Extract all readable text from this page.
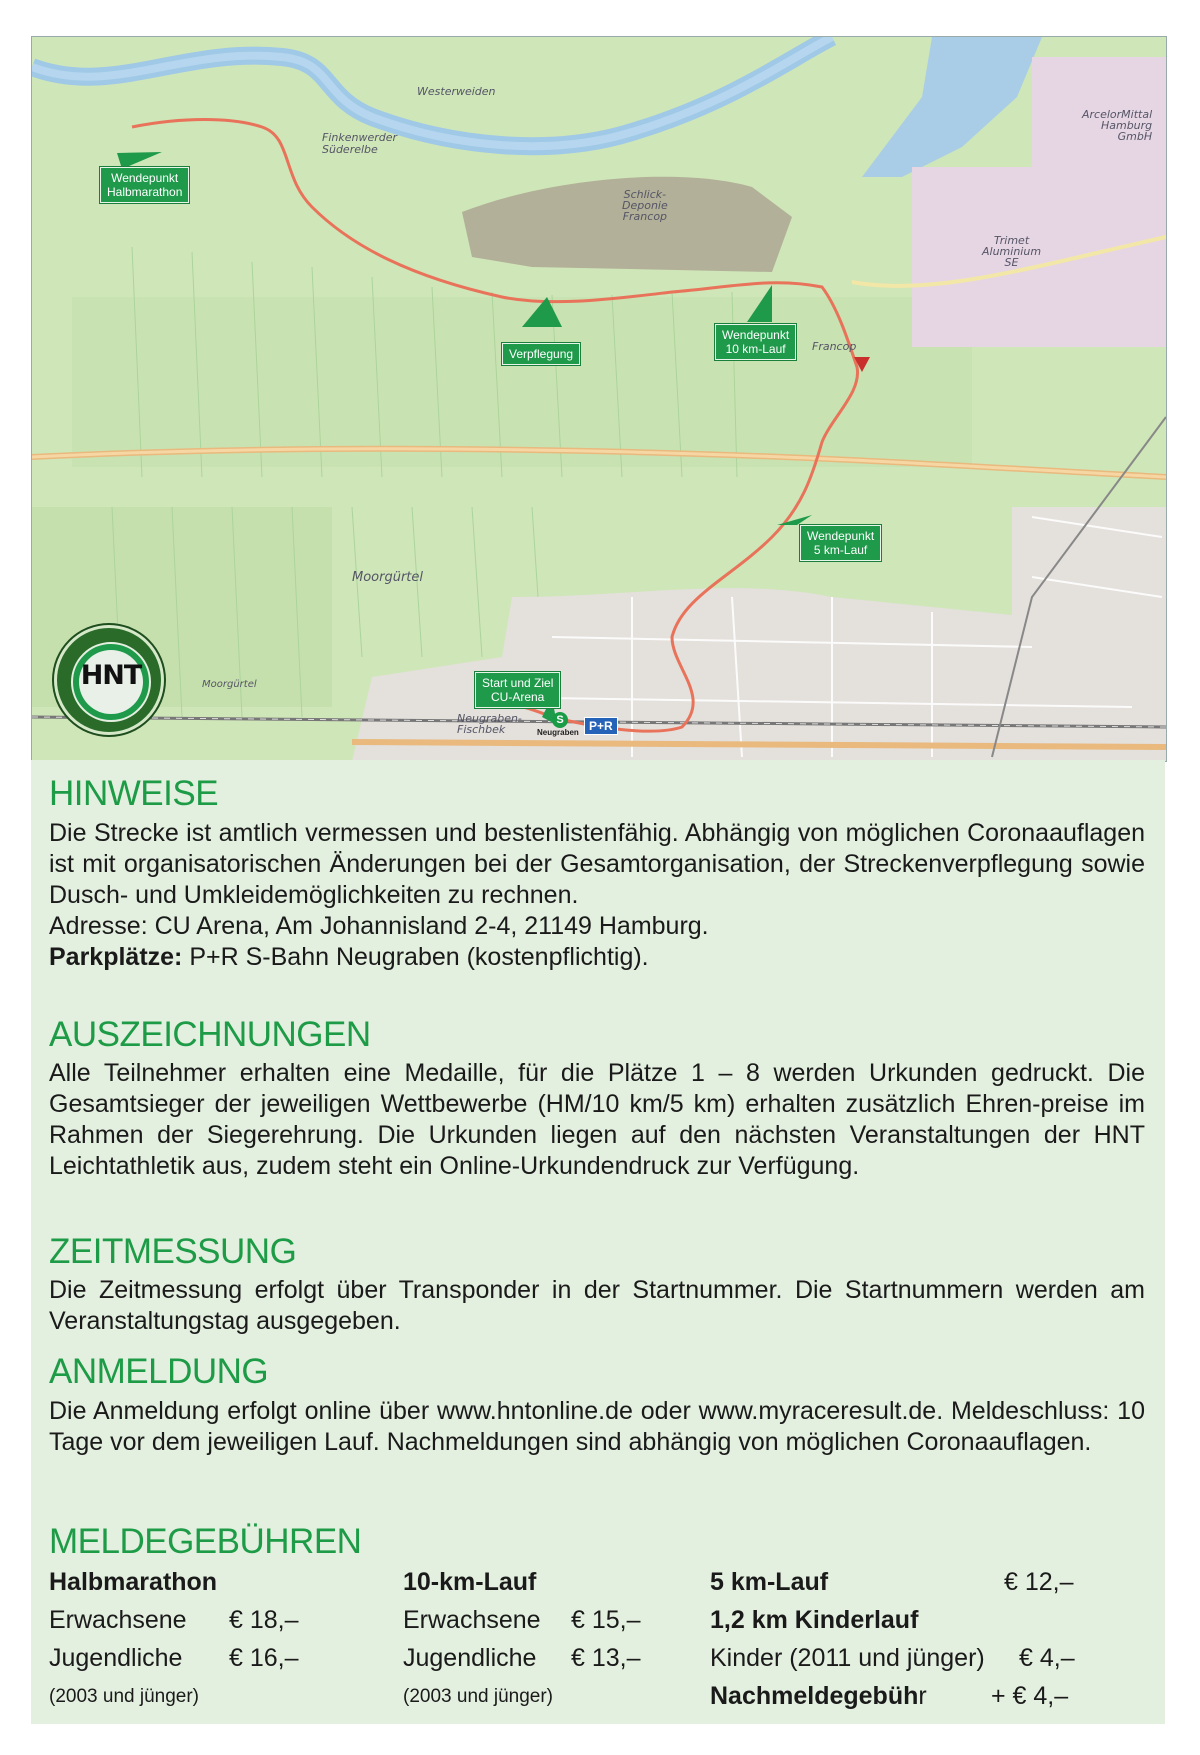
Westerweiden
Finkenwerder
Süderelbe
Schlick-
Deponie
Francop
Francop
Moorgürtel
Moorgürtel
Neugraben-
Fischbek
ArcelorMittal
Hamburg
GmbH
Trimet
Aluminium
SE
Wendepunkt
Halbmarathon
Verpflegung
Wendepunkt
10 km-Lauf
Wendepunkt
5 km-Lauf
Start und Ziel
CU-Arena
S
Neugraben P+R
HNT
HINWEISE

Die Strecke ist amtlich vermessen und bestenlistenfähig. Abhängig von möglichen Coronaauflagen ist mit organisatorischen Änderungen bei der Gesamtorganisation, der Streckenverpflegung sowie Dusch- und Umkleidemöglichkeiten zu rechnen.

Adresse: CU Arena, Am Johannisland 2-4, 21149 Hamburg.

Parkplätze: P+R S-Bahn Neugraben (kostenpflichtig).

AUSZEICHNUNGEN

Alle Teilnehmer erhalten eine Medaille, für die Plätze 1 – 8 werden Urkunden gedruckt. Die Gesamtsieger der jeweiligen Wettbewerbe (HM/10 km/5 km) erhalten zusätzlich Ehren-preise im Rahmen der Siegerehrung. Die Urkunden liegen auf den nächsten Veranstaltungen der HNT Leichtathletik aus, zudem steht ein Online-Urkundendruck zur Verfügung.

ZEITMESSUNG

Die Zeitmessung erfolgt über Transponder in der Startnummer. Die Startnummern werden am Veranstaltungstag ausgegeben.

ANMELDUNG

Die Anmeldung erfolgt online über www.hntonline.de oder www.myraceresult.de. Meldeschluss: 10 Tage vor dem jeweiligen Lauf. Nachmeldungen sind abhängig von möglichen Coronaauflagen.

MELDEGEBÜHREN
Halbmarathon
Erwachsene € 18,–
Jugendliche € 16,–
(2003 und jünger)
10-km-Lauf
Erwachsene € 15,–
Jugendliche € 13,–
(2003 und jünger)
5 km-Lauf	€ 12,–
1,2 km Kinderlauf
Kinder (2011 und jünger) € 4,–
Nachmeldegebühr	+ € 4,–
